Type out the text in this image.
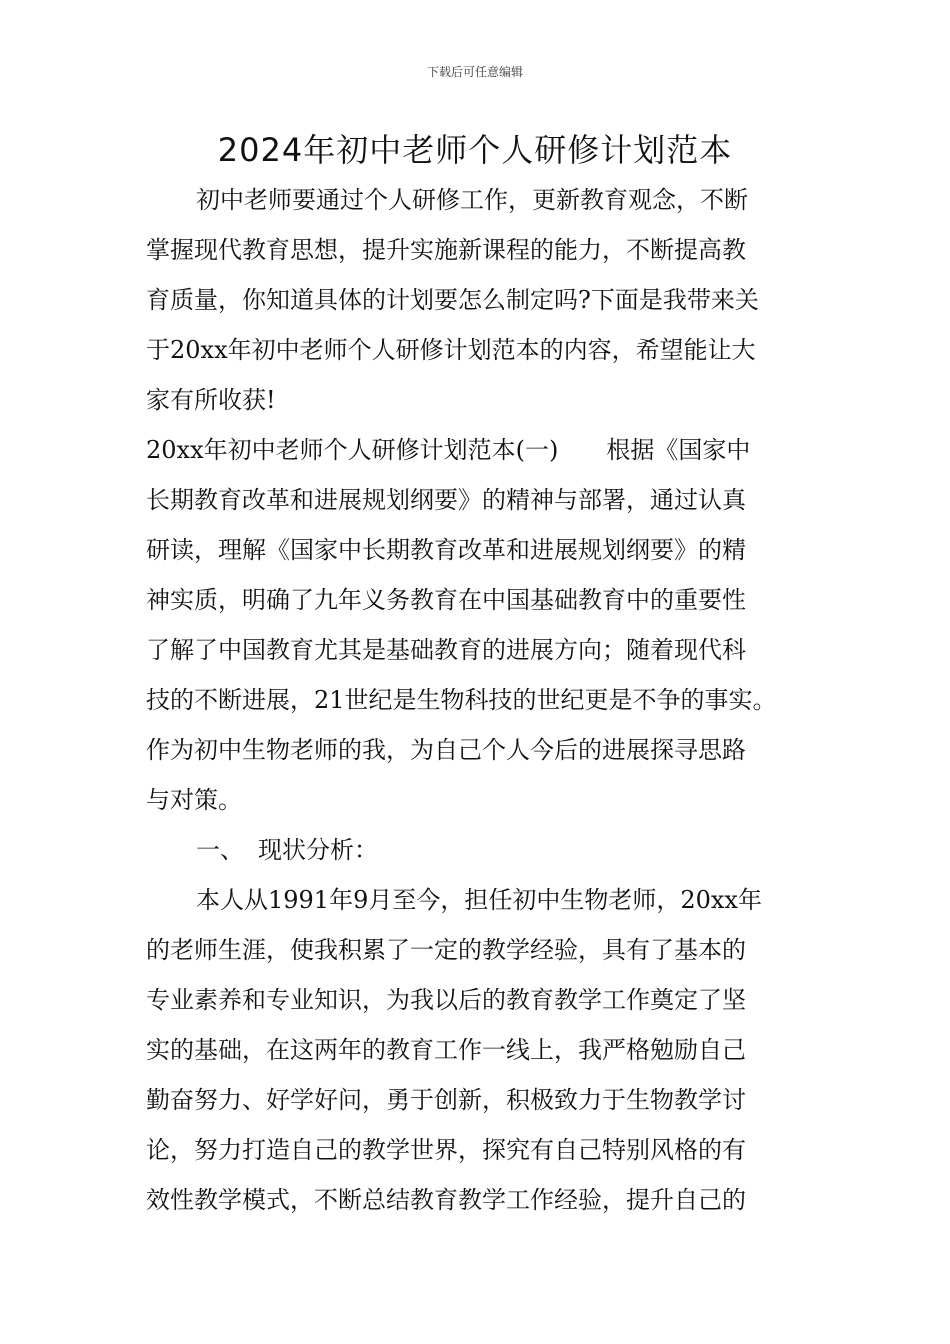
下载后可任意编辑
2024年初中老师个人研修计划范本
初中老师要通过个人研修工作，更新教育观念，不断
掌握现代教育思想，提升实施新课程的能力，不断提高教
育质量，你知道具体的计划要怎么制定吗?下面是我带来关
于20xx年初中老师个人研修计划范本的内容，希望能让大
家有所收获!
20xx年初中老师个人研修计划范本(一) 根据《国家中
长期教育改革和进展规划纲要》的精神与部署，通过认真
研读，理解《国家中长期教育改革和进展规划纲要》的精
神实质，明确了九年义务教育在中国基础教育中的重要性
了解了中国教育尤其是基础教育的进展方向；随着现代科
技的不断进展，21世纪是生物科技的世纪更是不争的事实。
作为初中生物老师的我，为自己个人今后的进展探寻思路
与对策。
一、 现状分析：
本人从1991年9月至今，担任初中生物老师，20xx年
的老师生涯，使我积累了一定的教学经验，具有了基本的
专业素养和专业知识，为我以后的教育教学工作奠定了坚
实的基础，在这两年的教育工作一线上，我严格勉励自己
勤奋努力、好学好问，勇于创新，积极致力于生物教学讨
论，努力打造自己的教学世界，探究有自己特别风格的有
效性教学模式，不断总结教育教学工作经验，提升自己的
